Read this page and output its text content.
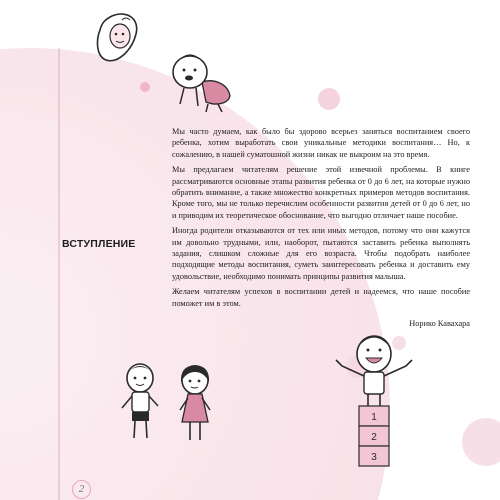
ВСТУПЛЕНИЕ

Мы часто думаем, как было бы здорово всерьез заняться воспитанием своего ребенка, хотим выработать свои уникальные методики воспитания… Но, к сожалению, в нашей суматошной жизни никак не выкроим на это время.

Мы предлагаем читателям решение этой извечной проблемы. В книге рассматриваются основные этапы развития ребенка от 0 до 6 лет, на которые нужно обратить внимание, а также множество конкретных примеров методов воспитания. Кроме того, мы не только перечислим особенности развития детей от 0 до 6 лет, но и приводим их теоретическое обоснование, что выгодно отличает наше пособие.

Иногда родители отказываются от тех или иных методов, потому что они кажутся им довольно трудными, или, наоборот, пытаются заставить ребенка выполнять задания, слишком сложные для его возраста. Чтобы подобрать наиболее подходящие методы воспитания, суметь заинтересовать ребенка и доставить ему удовольствие, необходимо понимать принципы развития малыша.

Желаем читателям успехов в воспитании детей и надеемся, что наше пособие поможет им в этом.

Норико Кавахара

1
2
3
2
